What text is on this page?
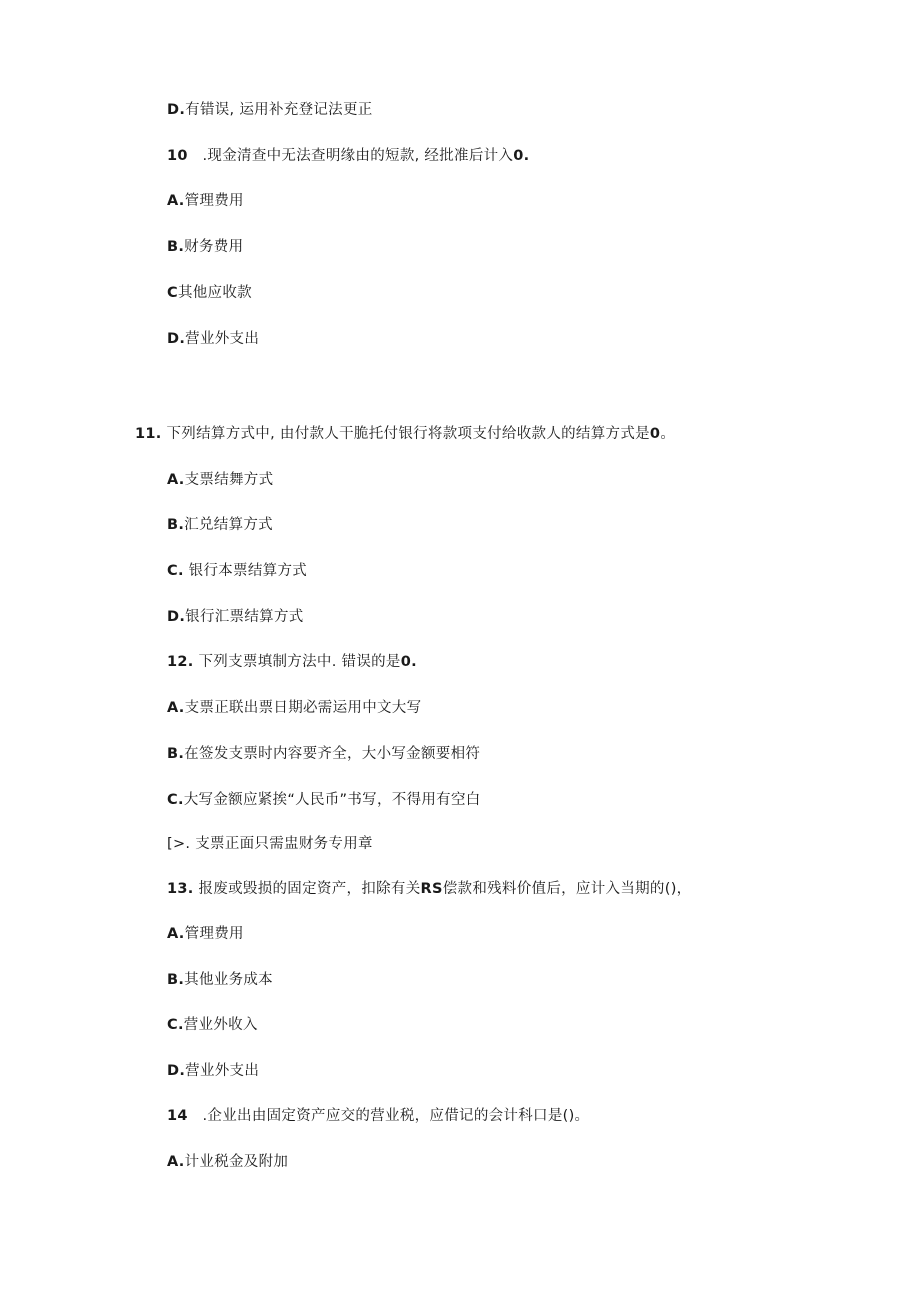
D.有错误, 运用补充登记法更正
10   .现金清查中无法查明缘由的短款, 经批准后计入0.
A.管理费用
B.财务费用
C其他应收款
D.营业外支出
11. 下列结算方式中, 由付款人干脆托付银行将款项支付给收款人的结算方式是0。
A.支票结舞方式
B.汇兑结算方式
C. 银行本票结算方式
D.银行汇票结算方式
12. 下列支票填制方法中. 错误的是0.
A.支票正联出票日期必需运用中文大写
B.在签发支票时内容要齐全，大小写金额要相符
C.大写金额应紧挨“人民币”书写，不得用有空白
[>. 支票正面只需盅财务专用章
13. 报废或毁损的固定资产，扣除有关RS偿款和残料价值后，应计入当期的()，
A.管理费用
B.其他业务成本
C.营业外收入
D.营业外支出
14   .企业出由固定资产应交的营业税，应借记的会计科口是()。
A.计业税金及附加
